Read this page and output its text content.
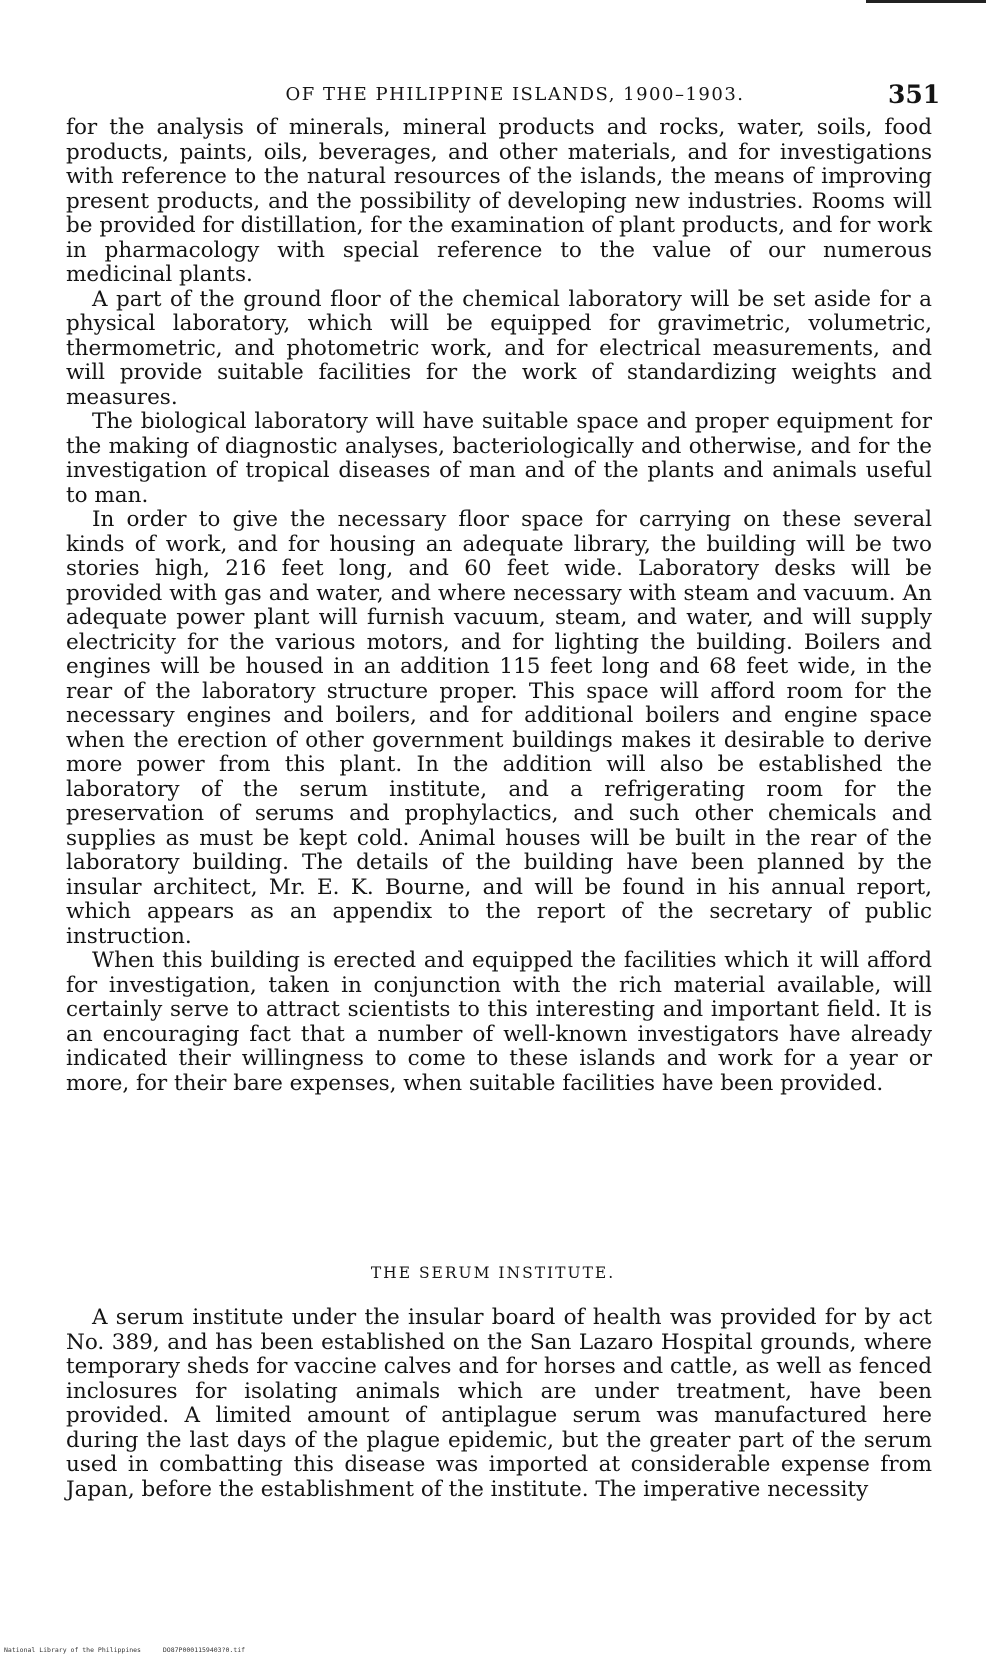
OF THE PHILIPPINE ISLANDS, 1900–1903.	351

for the analysis of minerals, mineral products and rocks, water, soils, food products, paints, oils, beverages, and other materials, and for investigations with reference to the natural resources of the islands, the means of improving present products, and the possibility of developing new industries. Rooms will be provided for distillation, for the examination of plant products, and for work in pharmacology with special reference to the value of our numerous medicinal plants.

A part of the ground floor of the chemical laboratory will be set aside for a physical laboratory, which will be equipped for gravimetric, volumetric, thermometric, and photometric work, and for electrical measurements, and will provide suitable facilities for the work of standardizing weights and measures.

The biological laboratory will have suitable space and proper equipment for the making of diagnostic analyses, bacteriologically and otherwise, and for the investigation of tropical diseases of man and of the plants and animals useful to man.

In order to give the necessary floor space for carrying on these several kinds of work, and for housing an adequate library, the building will be two stories high, 216 feet long, and 60 feet wide. Laboratory desks will be provided with gas and water, and where necessary with steam and vacuum. An adequate power plant will furnish vacuum, steam, and water, and will supply electricity for the various motors, and for lighting the building. Boilers and engines will be housed in an addition 115 feet long and 68 feet wide, in the rear of the laboratory structure proper. This space will afford room for the necessary engines and boilers, and for additional boilers and engine space when the erection of other government buildings makes it desirable to derive more power from this plant. In the addition will also be established the laboratory of the serum institute, and a refrigerating room for the preservation of serums and prophylactics, and such other chemicals and supplies as must be kept cold. Animal houses will be built in the rear of the laboratory building. The details of the building have been planned by the insular architect, Mr. E. K. Bourne, and will be found in his annual report, which appears as an appendix to the report of the secretary of public instruction.

When this building is erected and equipped the facilities which it will afford for investigation, taken in conjunction with the rich material available, will certainly serve to attract scientists to this interesting and important field. It is an encouraging fact that a number of well-known investigators have already indicated their willingness to come to these islands and work for a year or more, for their bare expenses, when suitable facilities have been provided.

THE SERUM INSTITUTE.

A serum institute under the insular board of health was provided for by act No. 389, and has been established on the San Lazaro Hospital grounds, where temporary sheds for vaccine calves and for horses and cattle, as well as fenced inclosures for isolating animals which are under treatment, have been provided. A limited amount of antiplague serum was manufactured here during the last days of the plague epidemic, but the greater part of the serum used in combatting this disease was imported at considerable expense from Japan, before the establishment of the institute. The imperative necessity

National Library of the Philippines	DO87P0001159403?0.tif
